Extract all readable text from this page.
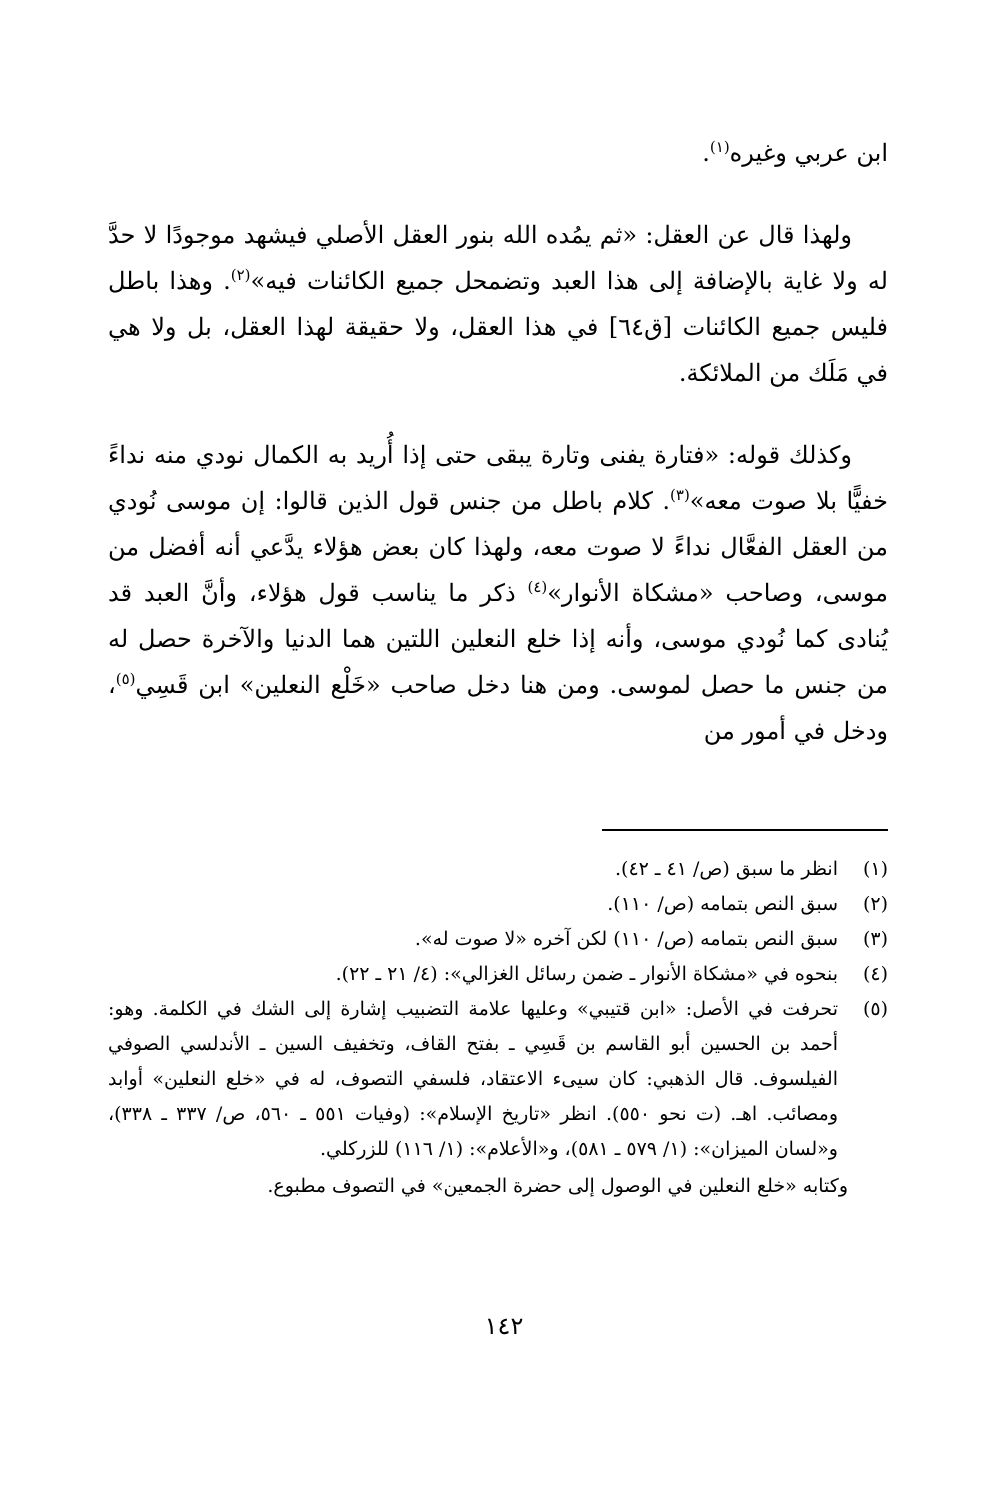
ابن عربي وغيره$^{(١)}$.

ولهذا قال عن العقل: «ثم يمُده الله بنور العقل الأصلي فيشهد موجودًا لا حدَّ له ولا غاية بالإضافة إلى هذا العبد وتضمحل جميع الكائنات فيه»$^{(٢)}$. وهذا باطل فليس جميع الكائنات [ق٦٤] في هذا العقل، ولا حقيقة لهذا العقل، بل ولا هي في مَلَك من الملائكة.

وكذلك قوله: «فتارة يفنى وتارة يبقى حتى إذا أُريد به الكمال نودي منه نداءً خفيًّا بلا صوت معه»$^{(٣)}$. كلام باطل من جنس قول الذين قالوا: إن موسى نُودي من العقل الفعَّال نداءً لا صوت معه، ولهذا كان بعض هؤلاء يدَّعي أنه أفضل من موسى، وصاحب «مشكاة الأنوار»$^{(٤)}$ ذكر ما يناسب قول هؤلاء، وأنَّ العبد قد يُنادى كما نُودي موسى، وأنه إذا خلع النعلين اللتين هما الدنيا والآخرة حصل له من جنس ما حصل لموسى. ومن هنا دخل صاحب «خَلْع النعلين» ابن قَسِي$^{(٥)}$، ودخل في أمور من

(١)
انظر ما سبق (ص/ ٤١ ـ ٤٢).
(٢)
سبق النص بتمامه (ص/ ١١٠).
(٣)
سبق النص بتمامه (ص/ ١١٠) لكن آخره «لا صوت له».
(٤)
بنحوه في «مشكاة الأنوار ـ ضمن رسائل الغزالي»: (٤/ ٢١ ـ ٢٢).
(٥)
تحرفت في الأصل: «ابن قتيبي» وعليها علامة التضبيب إشارة إلى الشك في الكلمة. وهو: أحمد بن الحسين أبو القاسم بن قَسِي ـ بفتح القاف، وتخفيف السين ـ الأندلسي الصوفي الفيلسوف. قال الذهبي: كان سيىء الاعتقاد، فلسفي التصوف، له في «خلع النعلين» أوابد ومصائب. اهـ. (ت نحو ٥٥٠). انظر «تاريخ الإسلام»: (وفيات ٥٥١ ـ ٥٦٠، ص/ ٣٣٧ ـ ٣٣٨)، و«لسان الميزان»: (١/ ٥٧٩ ـ ٥٨١)، و«الأعلام»: (١/ ١١٦) للزركلي.
وكتابه «خلع النعلين في الوصول إلى حضرة الجمعين» في التصوف مطبوع.
١٤٢
